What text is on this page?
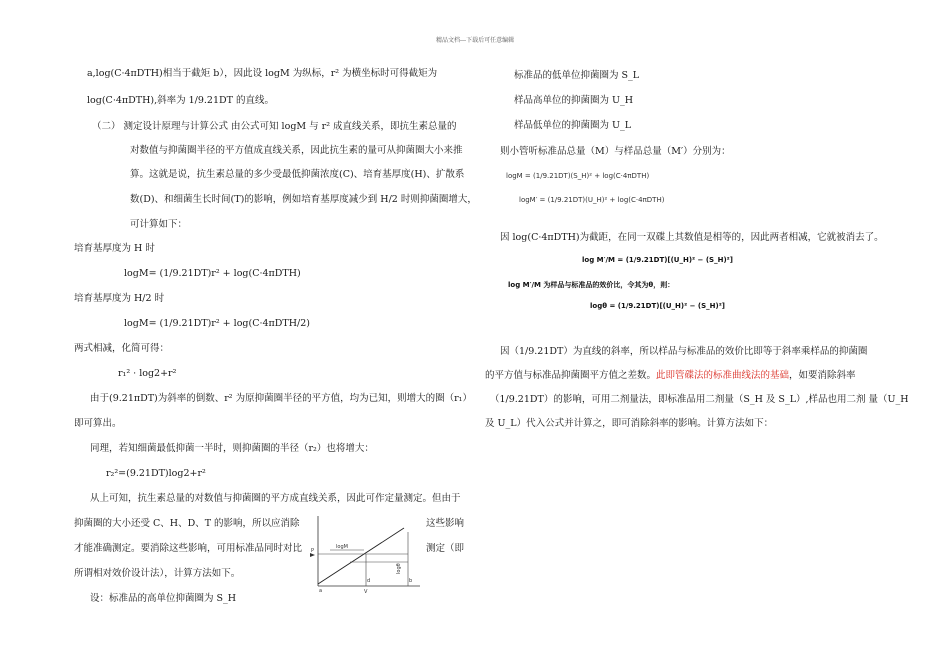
精品文档---下载后可任意编辑
a,log(C·4πDTH)相当于截矩 b），因此设 logM 为纵标，r² 为横坐标时可得截矩为
log(C·4πDTH),斜率为 1/9.21DT 的直线。
（二） 测定设计原理与计算公式 由公式可知 logM 与 r² 成直线关系，即抗生素总量的
对数值与抑菌圈半径的平方值成直线关系，因此抗生素的量可从抑菌圈大小来推
算。这就是说，抗生素总量的多少受最低抑菌浓度(C)、培育基厚度(H)、扩散系
数(D)、和细菌生长时间(T)的影响，例如培育基厚度减少到 H/2 时则抑菌圈增大，
可计算如下：
培育基厚度为 H 时
logM= (1/9.21DT)r² + log(C·4πDTH)
培育基厚度为 H/2 时
logM= (1/9.21DT)r² + log(C·4πDTH/2)
两式相减，化简可得：
r₁² · log2+r²
由于(9.21πDT)为斜率的倒数、r² 为原抑菌圈半径的平方值，均为已知，则增大的圈（r₁）
即可算出。
同理，若知细菌最低抑菌一半时，则抑菌圈的半径（r₂）也将增大：
r₂²=(9.21DT)log2+r²
从上可知，抗生素总量的对数值与抑菌圈的平方成直线关系，因此可作定量测定。但由于
抑菌圈的大小还受 C、H、D、T 的影响，所以应消除	这些影响
才能准确测定。要消除这些影响，可用标准品同时对比	测定（即
所谓相对效价设计法），计算方法如下。
设：标准品的高单位抑菌圈为 S_H
logM
logθ
P
d	b
a	V
标准品的低单位抑菌圈为 S_L
样品高单位的抑菌圈为 U_H
样品低单位的抑菌圈为 U_L
则小管听标准品总量（M）与样品总量（M′）分别为：
logM = (1/9.21DT)(S_H)² + log(C·4πDTH)
logM′ = (1/9.21DT)(U_H)² + log(C·4πDTH)
因 log(C·4πDTH)为截距，在同一双碟上其数值是相等的，因此两者相减，它就被消去了。
log M′/M = (1/9.21DT)[(U_H)² − (S_H)²]
log M′/M 为样品与标准品的效价比，令其为θ，则：
logθ = (1/9.21DT)[(U_H)² − (S_H)²]
因（1/9.21DT）为直线的斜率，所以样品与标准品的效价比即等于斜率乘样品的抑菌圈
的平方值与标准品抑菌圈平方值之差数。此即管碟法的标准曲线法的基础，如要消除斜率
（1/9.21DT）的影响，可用二剂量法，即标准品用二剂量（S_H 及 S_L）,样品也用二剂 量（U_H
及 U_L）代入公式并计算之，即可消除斜率的影响。计算方法如下：
